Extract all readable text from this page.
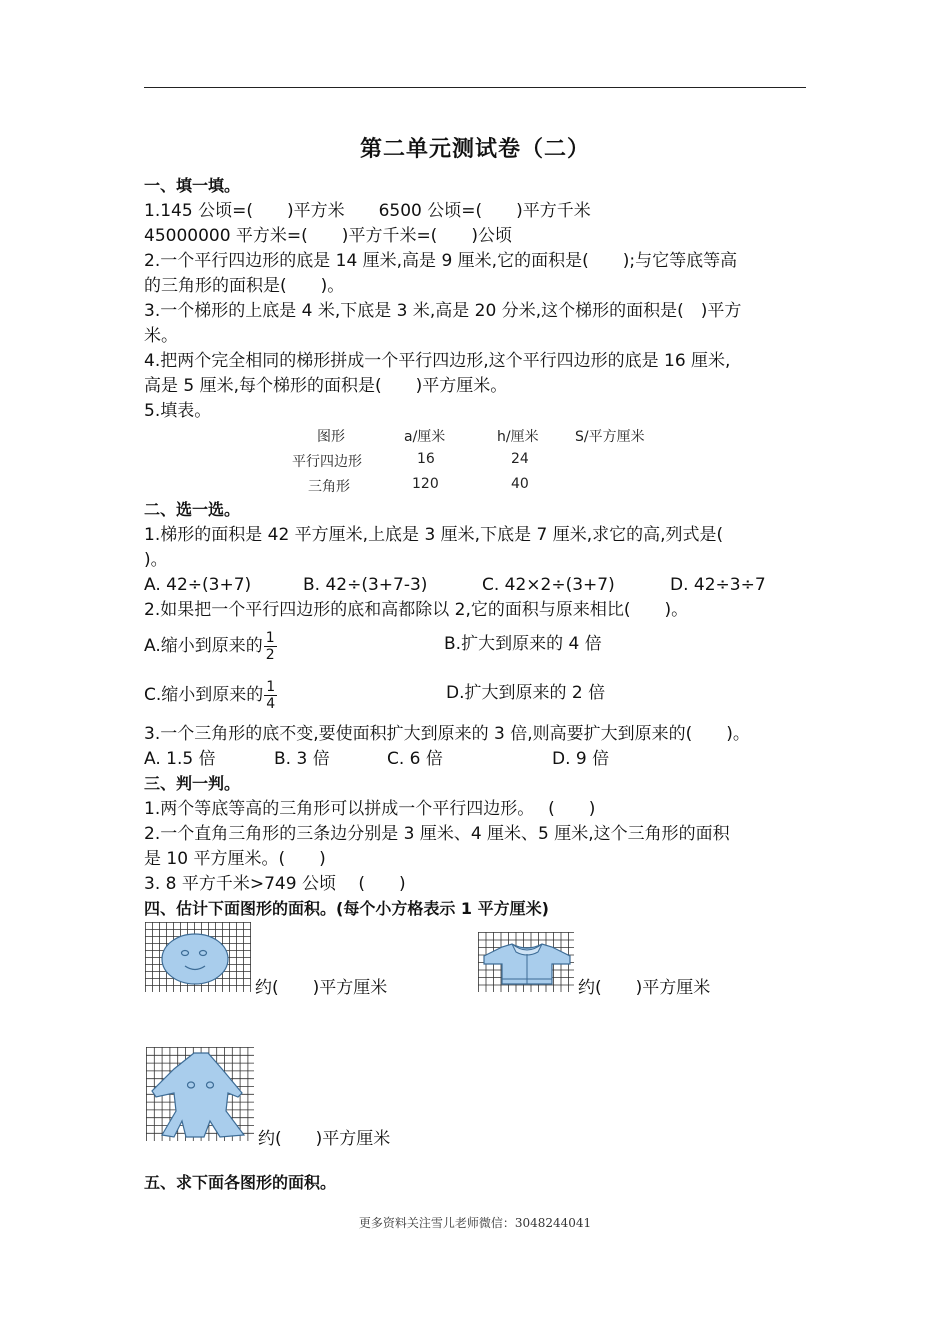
第二单元测试卷（二）
一、填一填。
1.145 公顷=(　　)平方米　　6500 公顷=(　　)平方千米
45000000 平方米=(　　)平方千米=(　　)公顷
2.一个平行四边形的底是 14 厘米,高是 9 厘米,它的面积是(　　);与它等底等高
的三角形的面积是(　　)。
3.一个梯形的上底是 4 米,下底是 3 米,高是 20 分米,这个梯形的面积是(　)平方
米。
4.把两个完全相同的梯形拼成一个平行四边形,这个平行四边形的底是 16 厘米,
高是 5 厘米,每个梯形的面积是(　　)平方厘米。
5.填表。
图形	a/厘米	h/厘米	S/平方厘米
平行四边形	16	24
三角形	120	40
二、选一选。
1.梯形的面积是 42 平方厘米,上底是 3 厘米,下底是 7 厘米,求它的高,列式是(
)。
A. 42÷(3+7)	B. 42÷(3+7-3)	C. 42×2÷(3+7)	D. 42÷3÷7
2.如果把一个平行四边形的底和高都除以 2,它的面积与原来相比(　　)。
A.缩小到原来的 $\frac{1}{2}$	B.扩大到原来的 4 倍
C.缩小到原来的 $\frac{1}{4}$	D.扩大到原来的 2 倍
3.一个三角形的底不变,要使面积扩大到原来的 3 倍,则高要扩大到原来的(　　)。
A. 1.5 倍	B. 3 倍	C. 6 倍	D. 9 倍
三、判一判。
1.两个等底等高的三角形可以拼成一个平行四边形。　 (　　)
2.一个直角三角形的三条边分别是 3 厘米、4 厘米、5 厘米,这个三角形的面积
是 10 平方厘米。(　　)
3. 8 平方千米>749 公顷　 (　　)
四、估计下面图形的面积。(每个小方格表示 1 平方厘米)
约(　　)平方厘米	约(　　)平方厘米
约(　　)平方厘米
五、求下面各图形的面积。
更多资料关注雪儿老师微信：3048244041
